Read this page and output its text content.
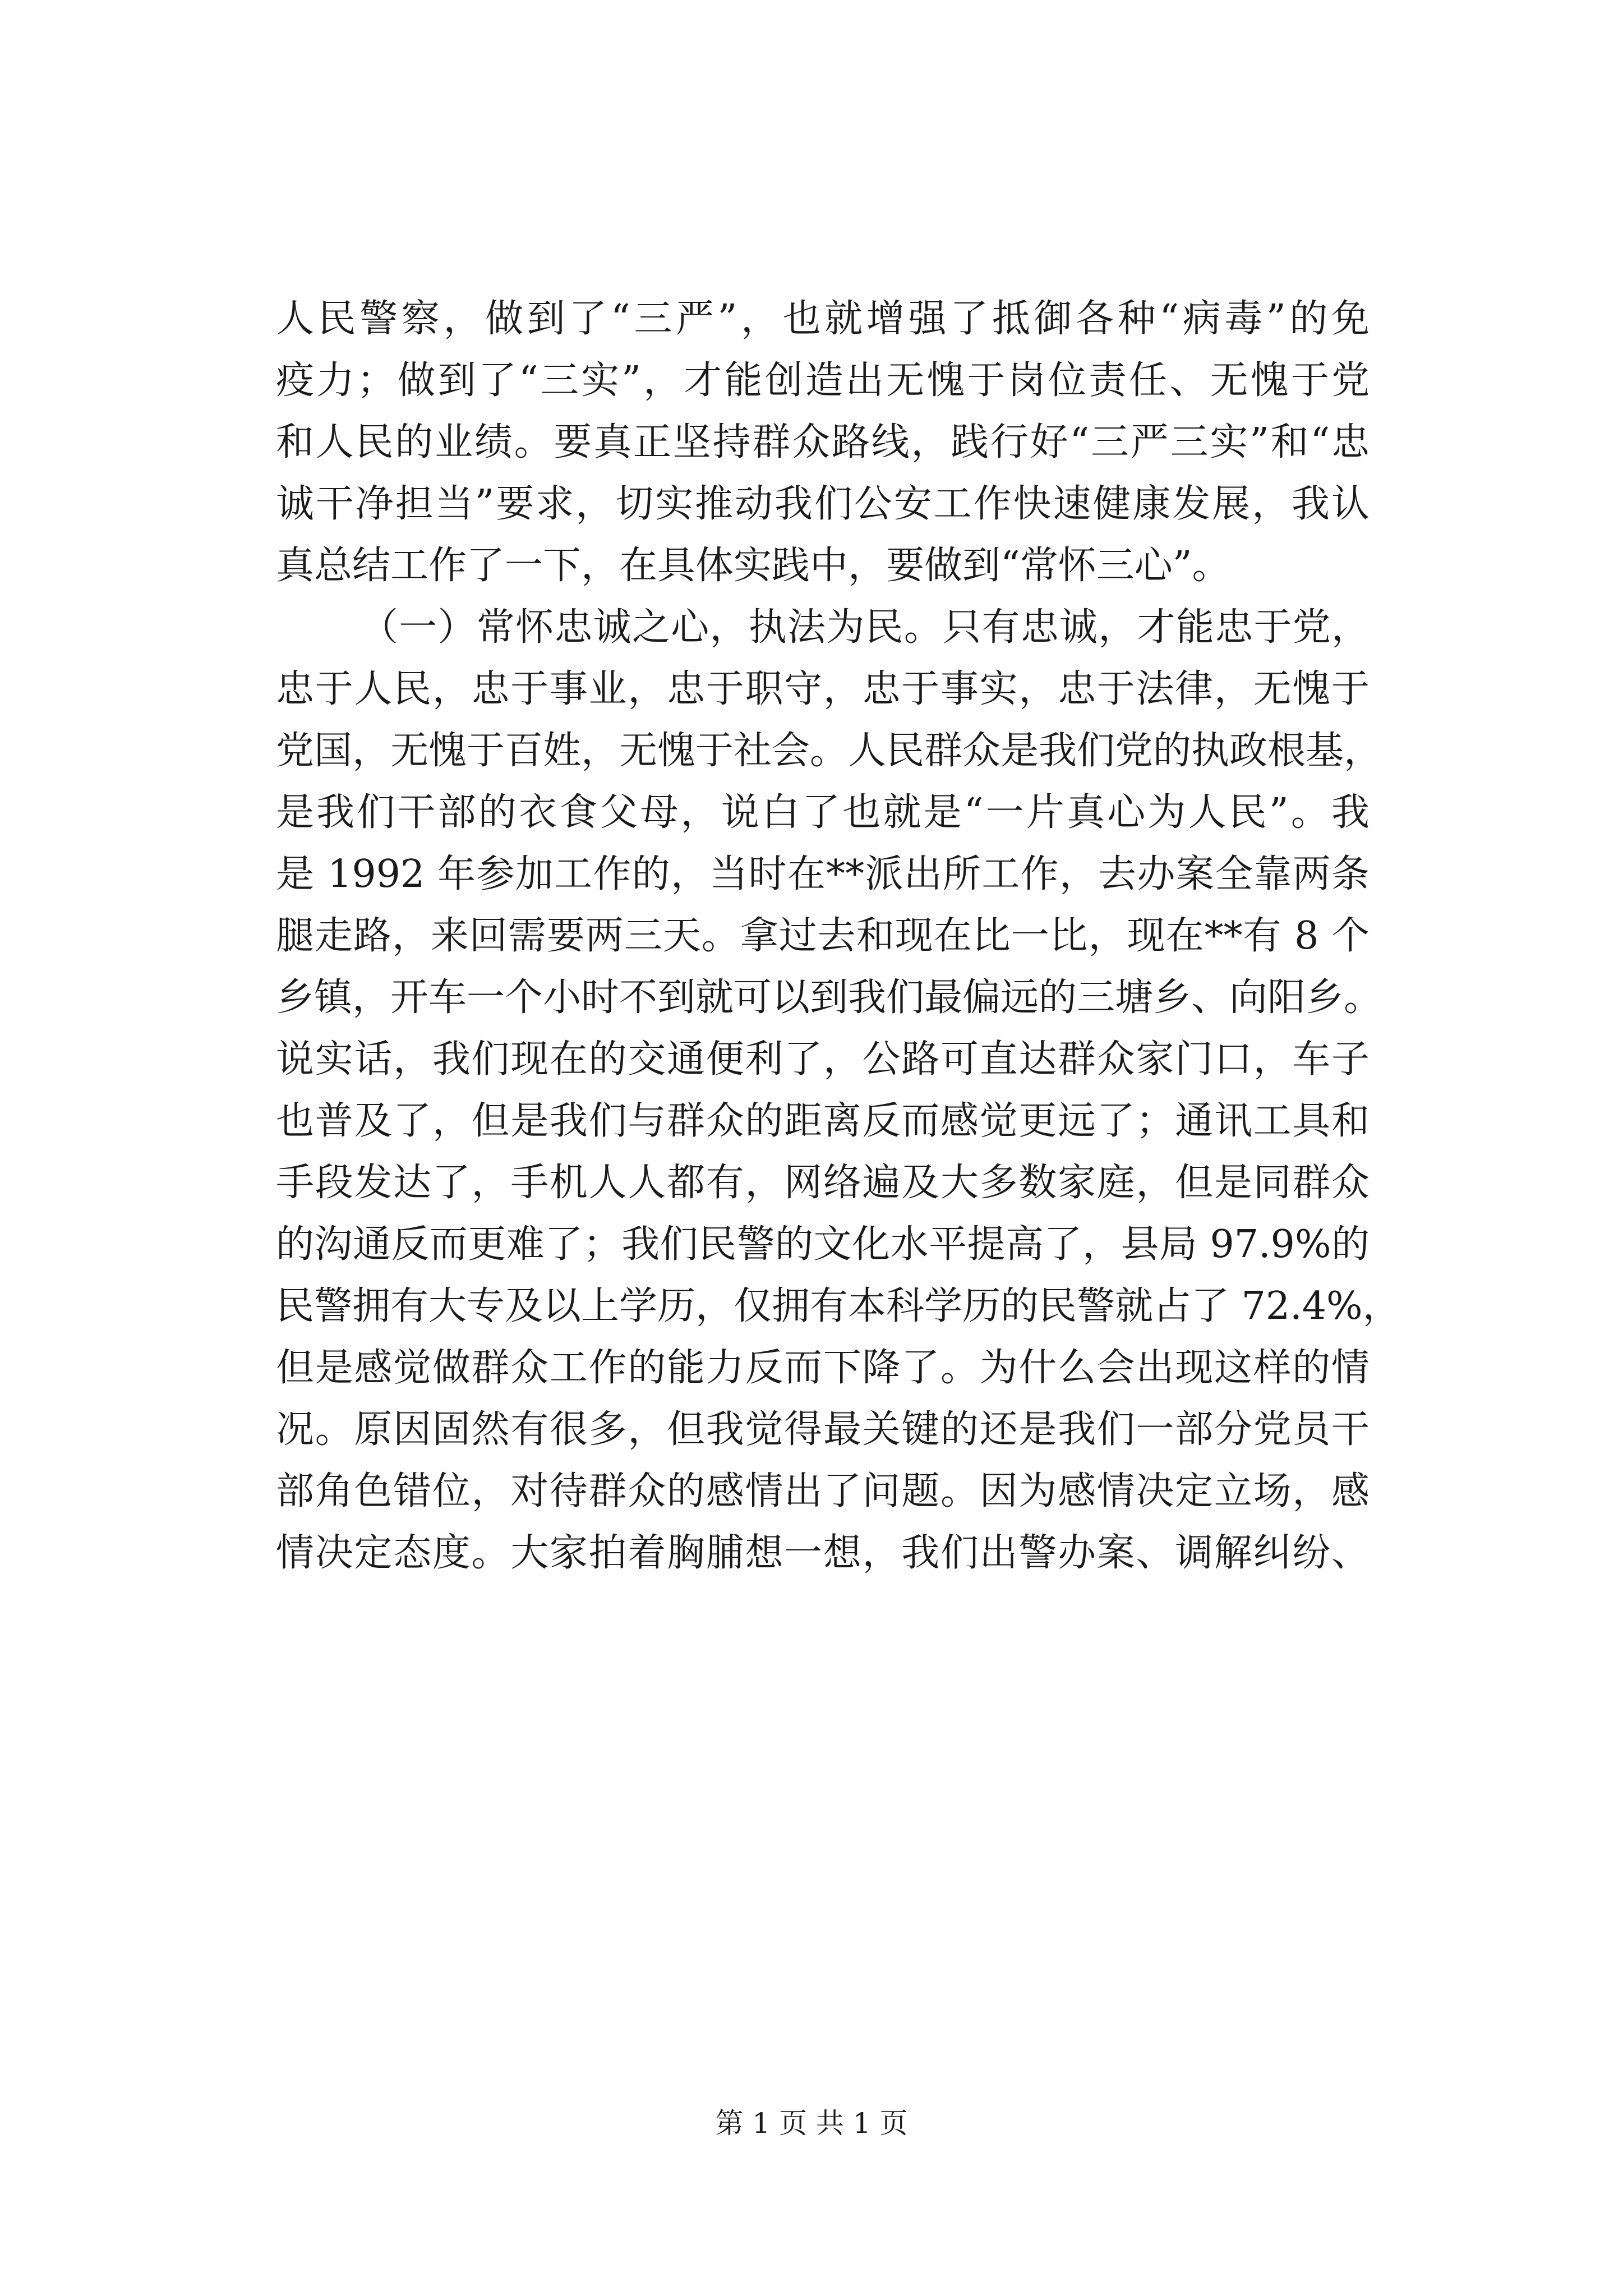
人民警察，做到了“三严”，也就增强了抵御各种“病毒”的免
疫力；做到了“三实”，才能创造出无愧于岗位责任、无愧于党
和人民的业绩。要真正坚持群众路线，践行好“三严三实”和“忠
诚干净担当”要求，切实推动我们公安工作快速健康发展，我认
真总结工作了一下，在具体实践中，要做到“常怀三心”。
（一）常怀忠诚之心，执法为民。只有忠诚，才能忠于党，
忠于人民，忠于事业，忠于职守，忠于事实，忠于法律，无愧于
党国，无愧于百姓，无愧于社会。人民群众是我们党的执政根基，
是我们干部的衣食父母，说白了也就是“一片真心为人民”。我
是 1992 年参加工作的，当时在**派出所工作，去办案全靠两条
腿走路，来回需要两三天。拿过去和现在比一比，现在**有 8 个
乡镇，开车一个小时不到就可以到我们最偏远的三塘乡、向阳乡。
说实话，我们现在的交通便利了，公路可直达群众家门口，车子
也普及了，但是我们与群众的距离反而感觉更远了；通讯工具和
手段发达了，手机人人都有，网络遍及大多数家庭，但是同群众
的沟通反而更难了；我们民警的文化水平提高了，县局 97.9%的
民警拥有大专及以上学历，仅拥有本科学历的民警就占了 72.4%，
但是感觉做群众工作的能力反而下降了。为什么会出现这样的情
况。原因固然有很多，但我觉得最关键的还是我们一部分党员干
部角色错位，对待群众的感情出了问题。因为感情决定立场，感
情决定态度。大家拍着胸脯想一想，我们出警办案、调解纠纷、
第 1 页 共 1 页
